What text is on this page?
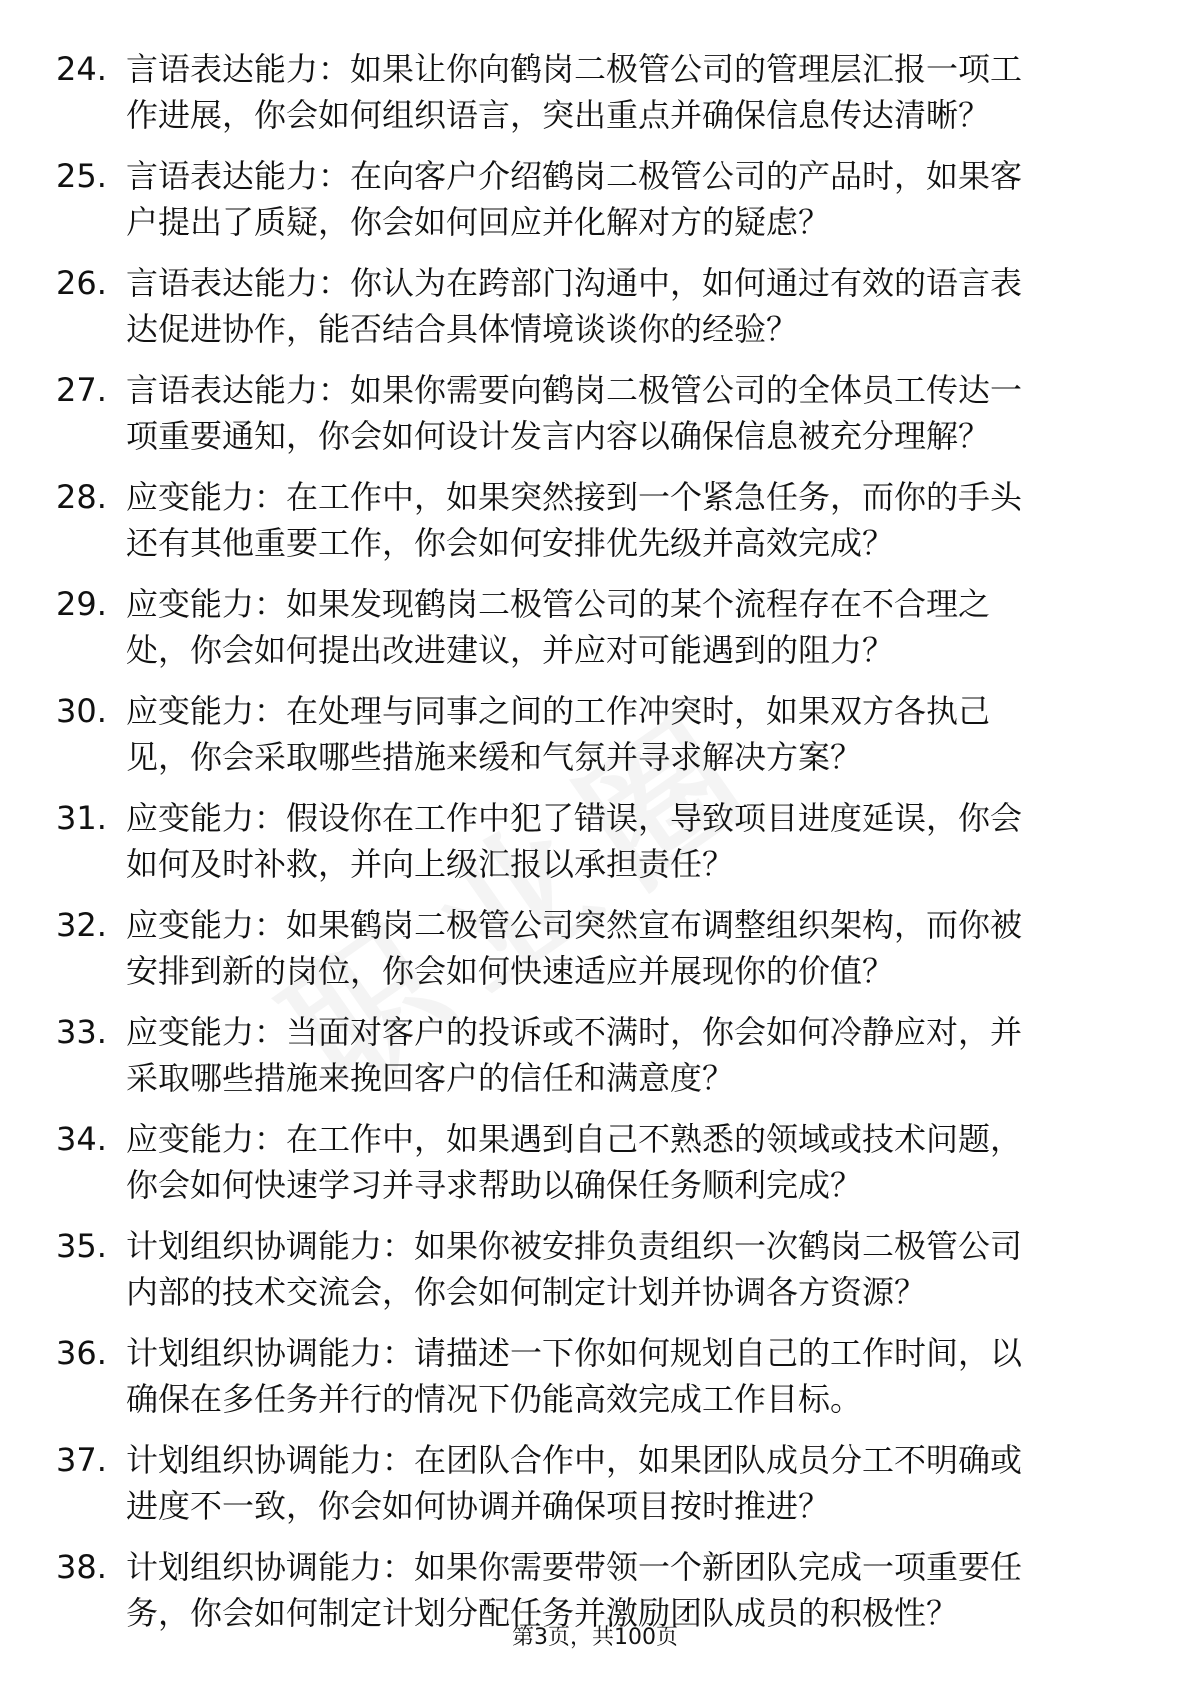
24. 言语表达能力：如果让你向鹤岗二极管公司的管理层汇报一项工
作进展，你会如何组织语言，突出重点并确保信息传达清晰？
25. 言语表达能力：在向客户介绍鹤岗二极管公司的产品时，如果客
户提出了质疑，你会如何回应并化解对方的疑虑？
26. 言语表达能力：你认为在跨部门沟通中，如何通过有效的语言表
达促进协作，能否结合具体情境谈谈你的经验？
27. 言语表达能力：如果你需要向鹤岗二极管公司的全体员工传达一
项重要通知，你会如何设计发言内容以确保信息被充分理解？
28. 应变能力：在工作中，如果突然接到一个紧急任务，而你的手头
还有其他重要工作，你会如何安排优先级并高效完成？
29. 应变能力：如果发现鹤岗二极管公司的某个流程存在不合理之
处，你会如何提出改进建议，并应对可能遇到的阻力？
30. 应变能力：在处理与同事之间的工作冲突时，如果双方各执己
见，你会采取哪些措施来缓和气氛并寻求解决方案？
31. 应变能力：假设你在工作中犯了错误，导致项目进度延误，你会
如何及时补救，并向上级汇报以承担责任？
32. 应变能力：如果鹤岗二极管公司突然宣布调整组织架构，而你被
安排到新的岗位，你会如何快速适应并展现你的价值？
33. 应变能力：当面对客户的投诉或不满时，你会如何冷静应对，并
采取哪些措施来挽回客户的信任和满意度？
34. 应变能力：在工作中，如果遇到自己不熟悉的领域或技术问题，
你会如何快速学习并寻求帮助以确保任务顺利完成？
35. 计划组织协调能力：如果你被安排负责组织一次鹤岗二极管公司
内部的技术交流会，你会如何制定计划并协调各方资源？
36. 计划组织协调能力：请描述一下你如何规划自己的工作时间，以
确保在多任务并行的情况下仍能高效完成工作目标。
37. 计划组织协调能力：在团队合作中，如果团队成员分工不明确或
进度不一致，你会如何协调并确保项目按时推进？
38. 计划组织协调能力：如果你需要带领一个新团队完成一项重要任
务，你会如何制定计划分配任务并激励团队成员的积极性？
第3页，共100页
